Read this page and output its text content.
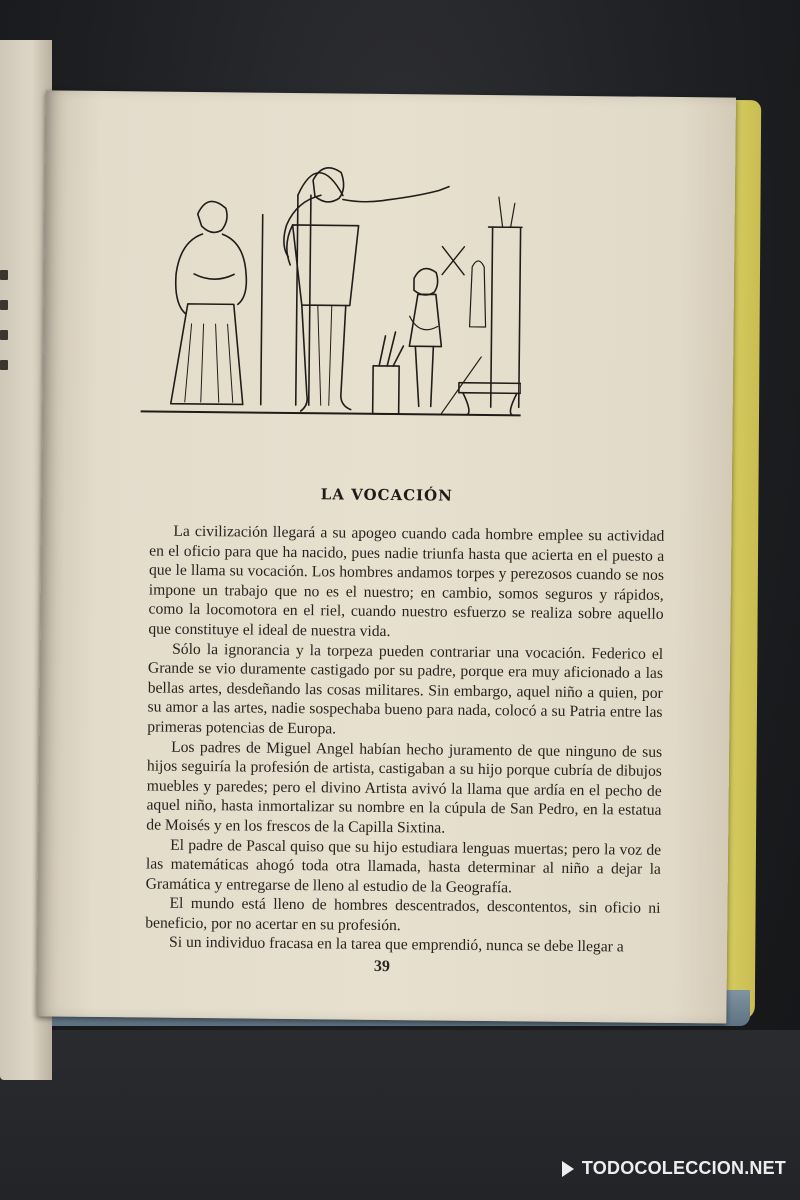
LA VOCACIÓN

La civilización llegará a su apogeo cuando cada hombre emplee su actividad en el oficio para que ha nacido, pues nadie triunfa hasta que acierta en el puesto a que le llama su vocación. Los hombres andamos torpes y perezosos cuando se nos impone un trabajo que no es el nuestro; en cambio, somos seguros y rápidos, como la locomotora en el riel, cuando nuestro esfuerzo se realiza sobre aquello que constituye el ideal de nuestra vida.

Sólo la ignorancia y la torpeza pueden contrariar una vocación. Federico el Grande se vio duramente castigado por su padre, porque era muy aficionado a las bellas artes, desdeñando las cosas militares. Sin embargo, aquel niño a quien, por su amor a las artes, nadie sospechaba bueno para nada, colocó a su Patria entre las primeras potencias de Europa.

Los padres de Miguel Angel habían hecho juramento de que ninguno de sus hijos seguiría la profesión de artista, castigaban a su hijo porque cubría de dibujos muebles y paredes; pero el divino Artista avivó la llama que ardía en el pecho de aquel niño, hasta inmortalizar su nombre en la cúpula de San Pedro, en la estatua de Moisés y en los frescos de la Capilla Sixtina.

El padre de Pascal quiso que su hijo estudiara lenguas muertas; pero la voz de las matemáticas ahogó toda otra llamada, hasta determinar al niño a dejar la Gramática y entregarse de lleno al estudio de la Geografía.

El mundo está lleno de hombres descentrados, descontentos, sin oficio ni beneficio, por no acertar en su profesión.

Si un individuo fracasa en la tarea que emprendió, nunca se debe llegar a

39
TODOCOLECCION.NET
